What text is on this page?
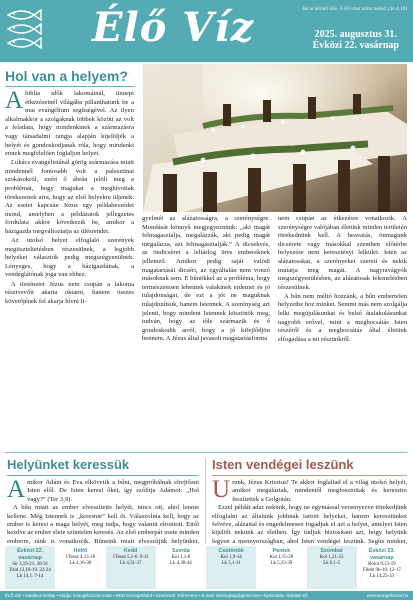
Élő Víz	Ha te kérnél tőle, ő élő vizet adna neked. (Jn 4,10)
2025. augusztus 31.
Évközi 22. vasárnap
Hol van a helyem?

Abiblia idők lakomáinál, ünnepi étkezéseinél világába pillanthatunk be a mai evangélium segítségével. Az ilyen alkalmakkor a szolgáknak többek között az volt a feladata, hogy mindenkinek a származásra vagy társadalmi rangja alapján kijelöljék a helyét és gondoskodjanak róla, hogy mindenki ennek megfelelően foglaljon helyet.

Lukács evangélistánál görög származása miatt mindennél fontosabb volt a palesztinai szokásokról, ezért ő ábrán jelöli meg a problémát, hogy magukat a meghívottak törekszenek arra, hogy az első helyekre üljenek. Az esetet kapcsán Jézus egy példabeszédet mond, amelyben a példázatok jellegzetes fordulata akkor következik be, amikor a házigazda megváltoztatja az ülésrendet.

Az utolsó helyet elfoglaló szerények megtiszteltetésben részesülnek, a legjobb helyeket választók pedig megszégyenülnek. Lényeges, hogy a házigazdának, a vendéglátónak joga van ehhez.

A történetet Jézus nem csupán a lakoma résztvevőit akarta oktatni, hanem összes követőjének fel akarja hívni fi-

gyelmét az alázatosságra, a szerénységre. Mondását könnyű megjegyeznünk: „aki magát felmagasztalja, megalázzák, aki pedig magát megalázza, azt felmagasztalják.” A dicsekvés, az öndicséret a leltárlog üres embereknek jellemző. Amikor pedig saját valódi magatartását dicséri, az egyáltalán nem vonzó másoknak sem. E bűnökkel az a probléma, hogy természetesen lehetnek valakinek erdemei és jó tulajdonságai, de ezt a jót ne maguknak tulajdonítsuk, hanem Istennek. A szerénység azt jelenti, hogy mindent Istennek köszönök meg, tudván, hogy az tőle származik és ő gondoskodik arról, hogy a jó kifejlődjön bennem. A Jézus által javasolt magatartásforma

nem csupán az étkezésre vonatkozik. A szerénységre valójában életünk minden területén törekednünk kell. A beavatás, önmagunk dicsérete vagy másokkal szemben előtérbe helyezése nem keresztényi lelkület. Isten az alázatosakat, a szerényeket szereti és nekik mutatja meg magát. A nagyravágyók megszégyenülésben, az alázatosak felemelésben részesülnek.

A bűn nem méltó hozzánk, a bűn embertelen helyzetbe hoz minket. Semmi más nem szolgálja lelki megújulásunkat és belső átalakulásunkat nagyobb erővel, mint a megbocsátás Isten részéről és a megbocsátás által életünk elfogadása a mi részünkről.

Helyünket keressük

Amikor Ádám és Éva elkövetik a bűnt, megpróbálnak elrejtőzni Isten elől. De Isten keresi őket, így szólítja Ádámot: „Hol vagy?” (Ter 3,9).

A bűn miatt az ember elveszítette helyét, nincs ott, ahol lennie kellene. Még Istennek is „keresnie” kell őt. Válaszolnia kell, hogy az ember is keresi a maga helyét, meg tudja, hogy valamit elrontott. Ettől kezdve az ember élete szüntelen keresés. Az első emberpár esete minden emberre, ránk is vonatkozik. Bűneink miatt elveszítjük helyünket.

Isten vendégei leszünk

Urunk, Jézus Krisztus! Te akkor foglaltad el a világ utolsó helyét, amikor megaláztak, mindentől megfosztottak és keresztre feszítettek a Golgotán.

Ezzel példát adsz nekünk, hogy ne egymással versenyezve törekedjünk elfoglalni az általunk jobbnak tartott helyeket, hanem keresztünket felvéve, alázattal és engedelmesen fogadjuk el azt a helyet, amelyet Isten kijelölt nekünk az életben. Így tudjuk biztosítani azt, hogy helyünk legyen a mennyországban, ahol Isten vendégei leszünk. Segíts minket,

Évközi 22. vasárnap
Sir 3,19-21. 30-31
Zsid 12,18-19. 22-24
Lk 14,1. 7-14
Hétfő
1Tessz 4,13-18
Lk 4,16-30
Kedd
1Tessz 5,1-6. 9-11
Lk 4,31-37
Szerda
Kol 1,1-8
Lk 4,38-44
Csütörtök
Kol 1,9-14
Lk 5,1-11
Péntek
Kol 1,15-20
Lk 5,33-39
Szombat
Kol 1,21-23
Lk 6,1-5
Évközi 23. vasárnap
Bölcs 9,13-19
Filem 9b-10. 12-17
Lk 14,25-33
ÉLŐ VÍZ • Katolikus hetilap • Kiadja: Evangelizációs Iroda • 9900 Szentgotthárd • Szerkeszti: Pál Ferenc • E-mail: elovizujsag@gmail.com • Nyomtatás: Aktivitás Kft.	www.evangelizacio.hu
